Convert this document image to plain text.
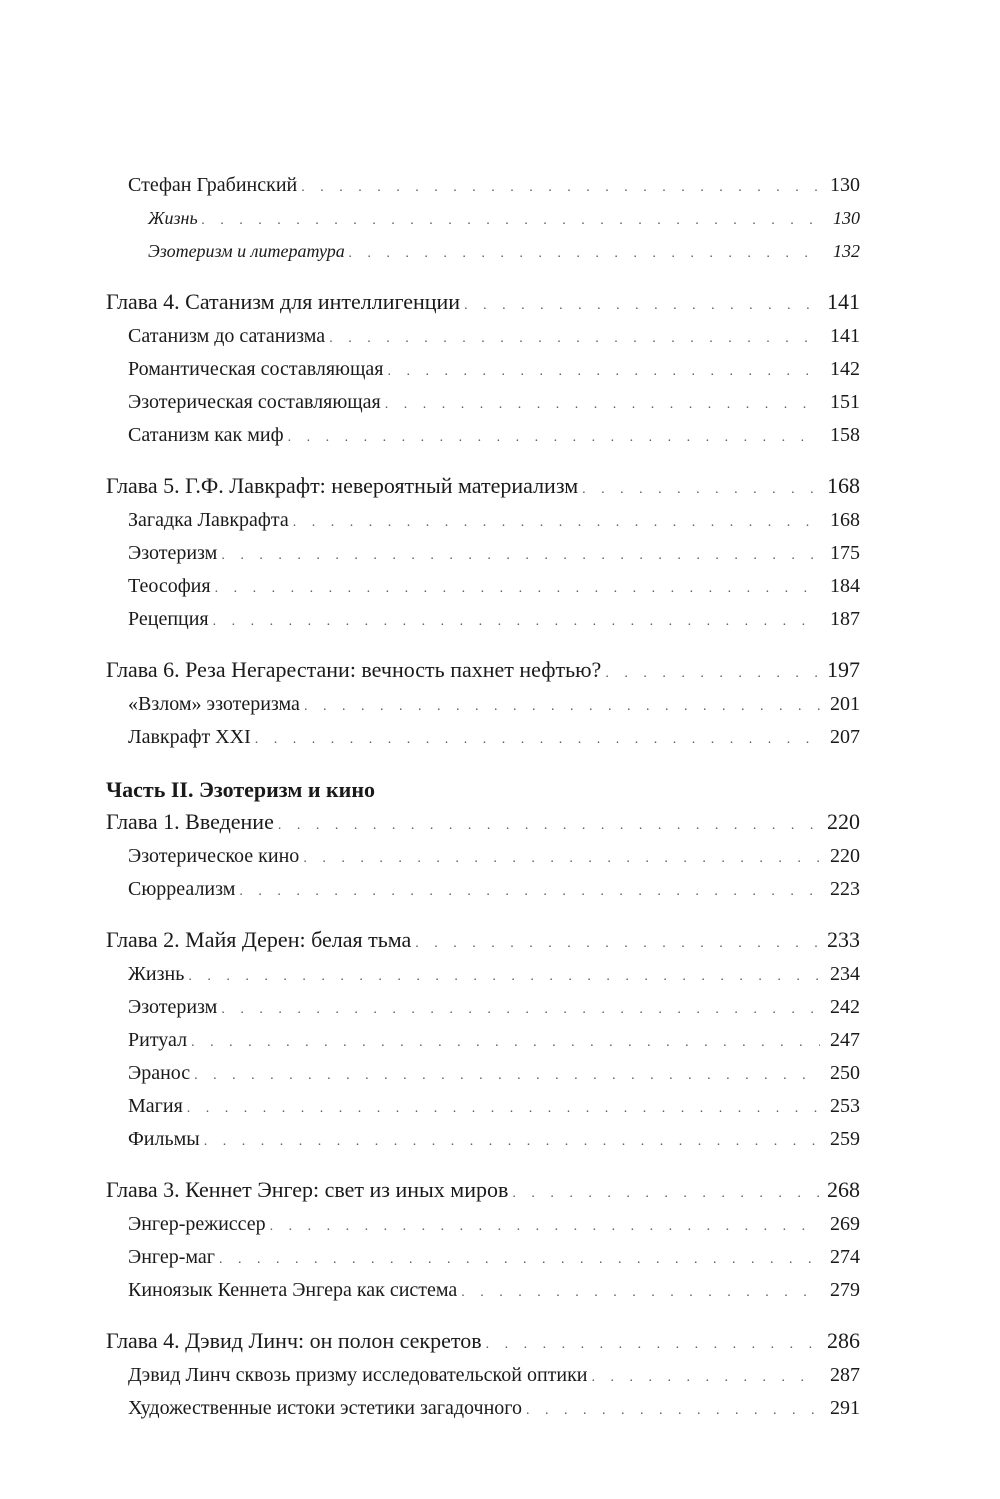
Стефан Грабинский . . .	130
Жизнь . . .	130
Эзотеризм и литература . . .	132
Глава 4. Сатанизм для интеллигенции . . .	141
Сатанизм до сатанизма . . .	141
Романтическая составляющая . . .	142
Эзотерическая составляющая . . .	151
Сатанизм как миф . . .	158
Глава 5. Г.Ф. Лавкрафт: невероятный материализм . . .	168
Загадка Лавкрафта . . .	168
Эзотеризм . . .	175
Теософия . . .	184
Рецепция . . .	187
Глава 6. Реза Негарестани: вечность пахнет нефтью? . . .	197
«Взлом» эзотеризма . . .	201
Лавкрафт XXI . . .	207
Часть II. Эзотеризм и кино
Глава 1. Введение . . .	220
Эзотерическое кино . . .	220
Сюрреализм . . .	223
Глава 2. Майя Дерен: белая тьма . . .	233
Жизнь . . .	234
Эзотеризм . . .	242
Ритуал . . .	247
Эранос . . .	250
Магия . . .	253
Фильмы . . .	259
Глава 3. Кеннет Энгер: свет из иных миров . . .	268
Энгер-режиссер . . .	269
Энгер-маг . . .	274
Киноязык Кеннета Энгера как система . . .	279
Глава 4. Дэвид Линч: он полон секретов . . .	286
Дэвид Линч сквозь призму исследовательской оптики . . .	287
Художественные истоки эстетики загадочного . . .	291
